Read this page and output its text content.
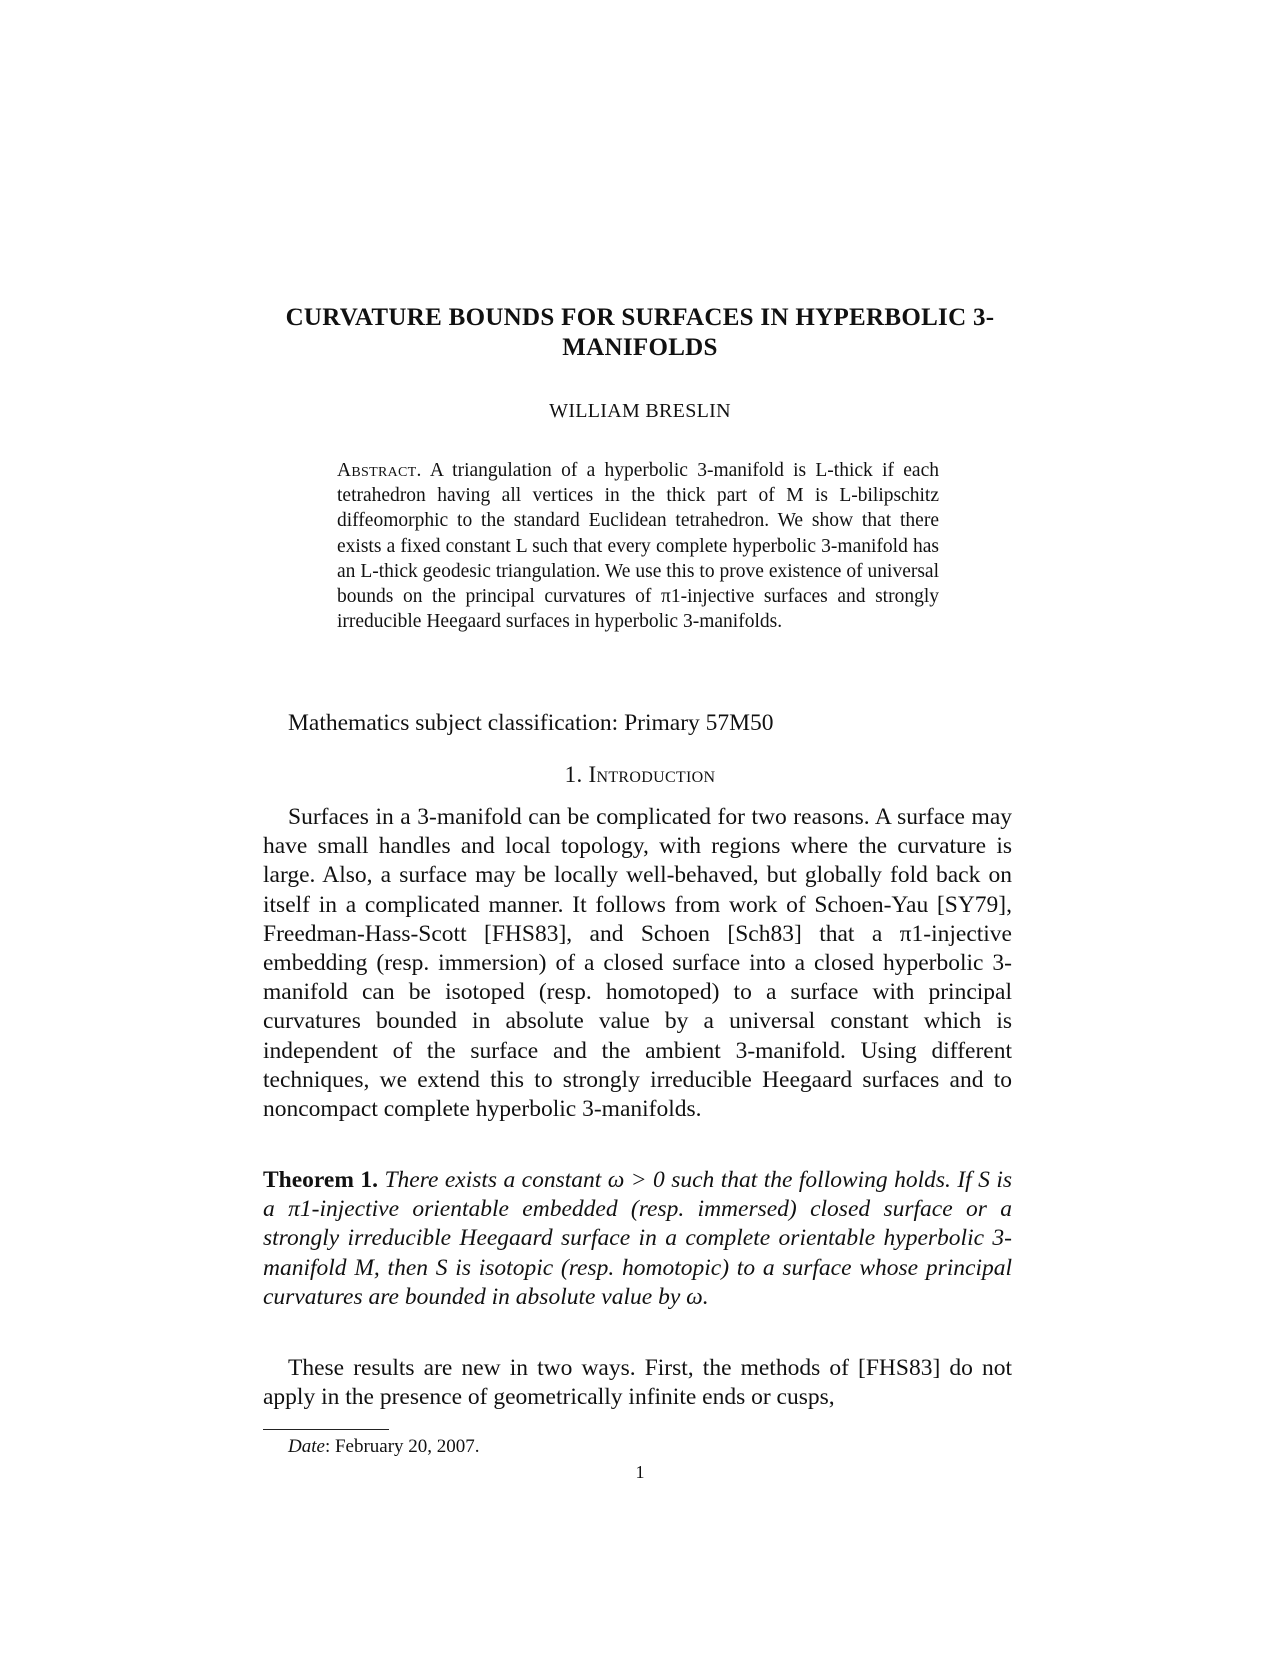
CURVATURE BOUNDS FOR SURFACES IN HYPERBOLIC 3-MANIFOLDS
WILLIAM BRESLIN
Abstract. A triangulation of a hyperbolic 3-manifold is L-thick if each tetrahedron having all vertices in the thick part of M is L-bilipschitz diffeomorphic to the standard Euclidean tetrahedron. We show that there exists a fixed constant L such that every complete hyperbolic 3-manifold has an L-thick geodesic triangulation. We use this to prove existence of universal bounds on the principal curvatures of π1-injective surfaces and strongly irreducible Heegaard surfaces in hyperbolic 3-manifolds.
Mathematics subject classification: Primary 57M50
1. Introduction
Surfaces in a 3-manifold can be complicated for two reasons. A surface may have small handles and local topology, with regions where the curvature is large. Also, a surface may be locally well-behaved, but globally fold back on itself in a complicated manner. It follows from work of Schoen-Yau [SY79], Freedman-Hass-Scott [FHS83], and Schoen [Sch83] that a π1-injective embedding (resp. immersion) of a closed surface into a closed hyperbolic 3-manifold can be isotoped (resp. homotoped) to a surface with principal curvatures bounded in absolute value by a universal constant which is independent of the surface and the ambient 3-manifold. Using different techniques, we extend this to strongly irreducible Heegaard surfaces and to noncompact complete hyperbolic 3-manifolds.
Theorem 1. There exists a constant ω > 0 such that the following holds. If S is a π1-injective orientable embedded (resp. immersed) closed surface or a strongly irreducible Heegaard surface in a complete orientable hyperbolic 3-manifold M, then S is isotopic (resp. homotopic) to a surface whose principal curvatures are bounded in absolute value by ω.
These results are new in two ways. First, the methods of [FHS83] do not apply in the presence of geometrically infinite ends or cusps,
Date: February 20, 2007.
1
